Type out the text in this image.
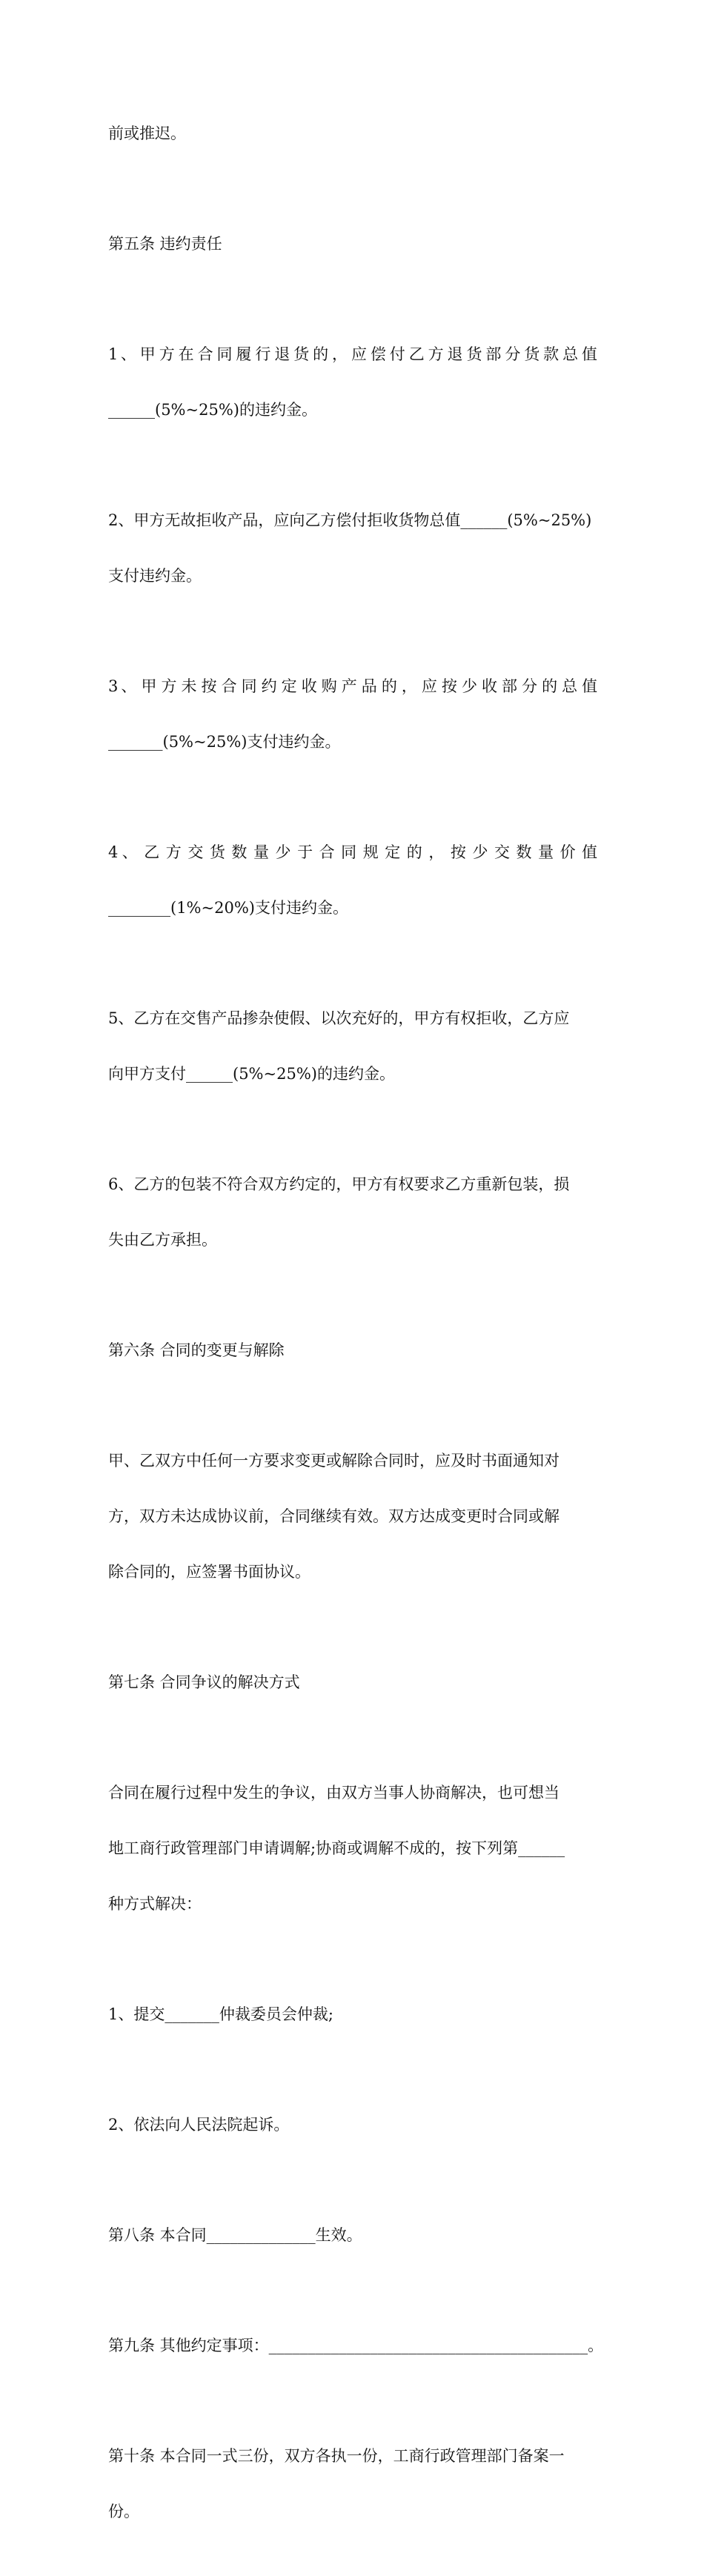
前或推迟。

第五条 违约责任

1 、 甲 方 在 合 同 履 行 退 货 的 ， 应 偿 付 乙 方 退 货 部 分 货 款 总 值

______(5%~25%)的违约金。

2、甲方无故拒收产品，应向乙方偿付拒收货物总值______(5%~25%)

支付违约金。

3 、 甲 方 未 按 合 同 约 定 收 购 产 品 的 ， 应 按 少 收 部 分 的 总 值

_______(5%~25%)支付违约金。

4 、 乙 方 交 货 数 量 少 于 合 同 规 定 的 ， 按 少 交 数 量 价 值

________(1%~20%)支付违约金。

5、乙方在交售产品掺杂使假、以次充好的，甲方有权拒收，乙方应

向甲方支付______(5%~25%)的违约金。

6、乙方的包装不符合双方约定的，甲方有权要求乙方重新包装，损

失由乙方承担。

第六条 合同的变更与解除

甲、乙双方中任何一方要求变更或解除合同时，应及时书面通知对

方，双方未达成协议前，合同继续有效。双方达成变更时合同或解

除合同的，应签署书面协议。

第七条 合同争议的解决方式

合同在履行过程中发生的争议，由双方当事人协商解决，也可想当

地工商行政管理部门申请调解;协商或调解不成的，按下列第______

种方式解决：

1、提交_______仲裁委员会仲裁;

2、依法向人民法院起诉。

第八条 本合同______________生效。

第九条 其他约定事项：_________________________________________。

第十条 本合同一式三份，双方各执一份，工商行政管理部门备案一

份。
